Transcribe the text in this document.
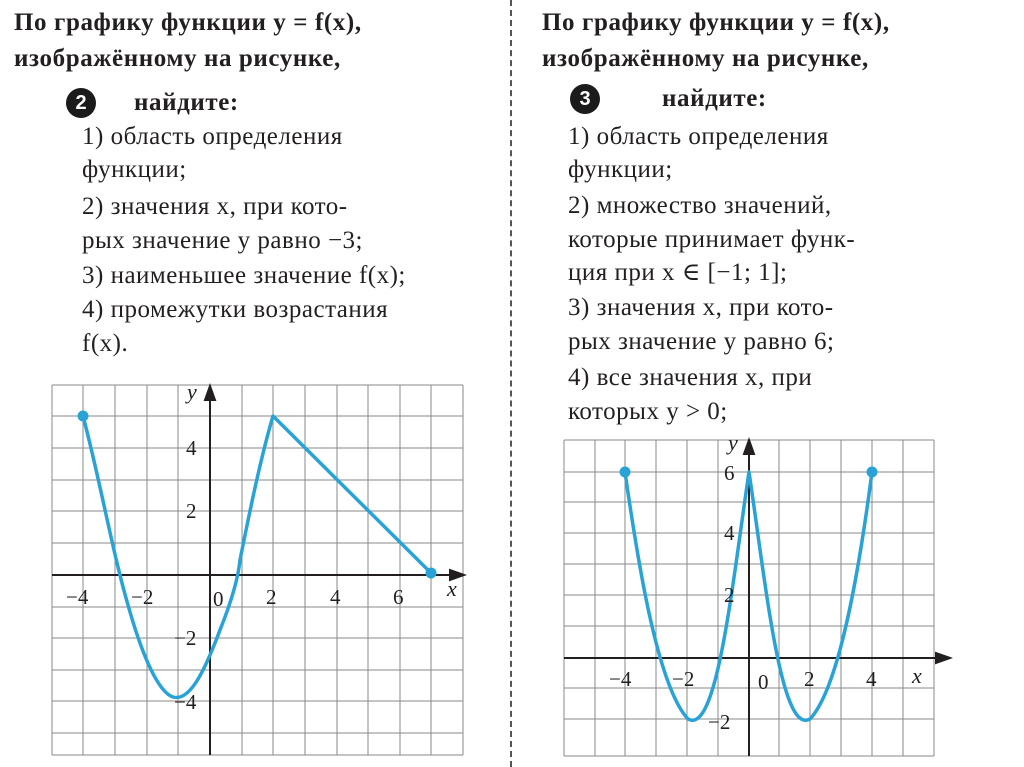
По графику функции y = f(x),
изображённому на рисунке,
2	найдите:
1) область определения
функции;
2) значения x, при кото-
рых значение y равно −3;
3) наименьшее значение f(x);
4) промежутки возрастания
f(x).
x
y
0
−4 −2	2	4	6
4
2
−2
−4
По графику функции y = f(x),
изображённому на рисунке,
3	найдите:
1) область определения
функции;
2) множество значений,
которые принимает функ-
ция при x ∈ [−1; 1];
3) значения x, при кото-
рых значение y равно 6;
4) все значения x, при
которых y > 0;
x
y
0
−4 −2	2 4
6
4
2
−2
